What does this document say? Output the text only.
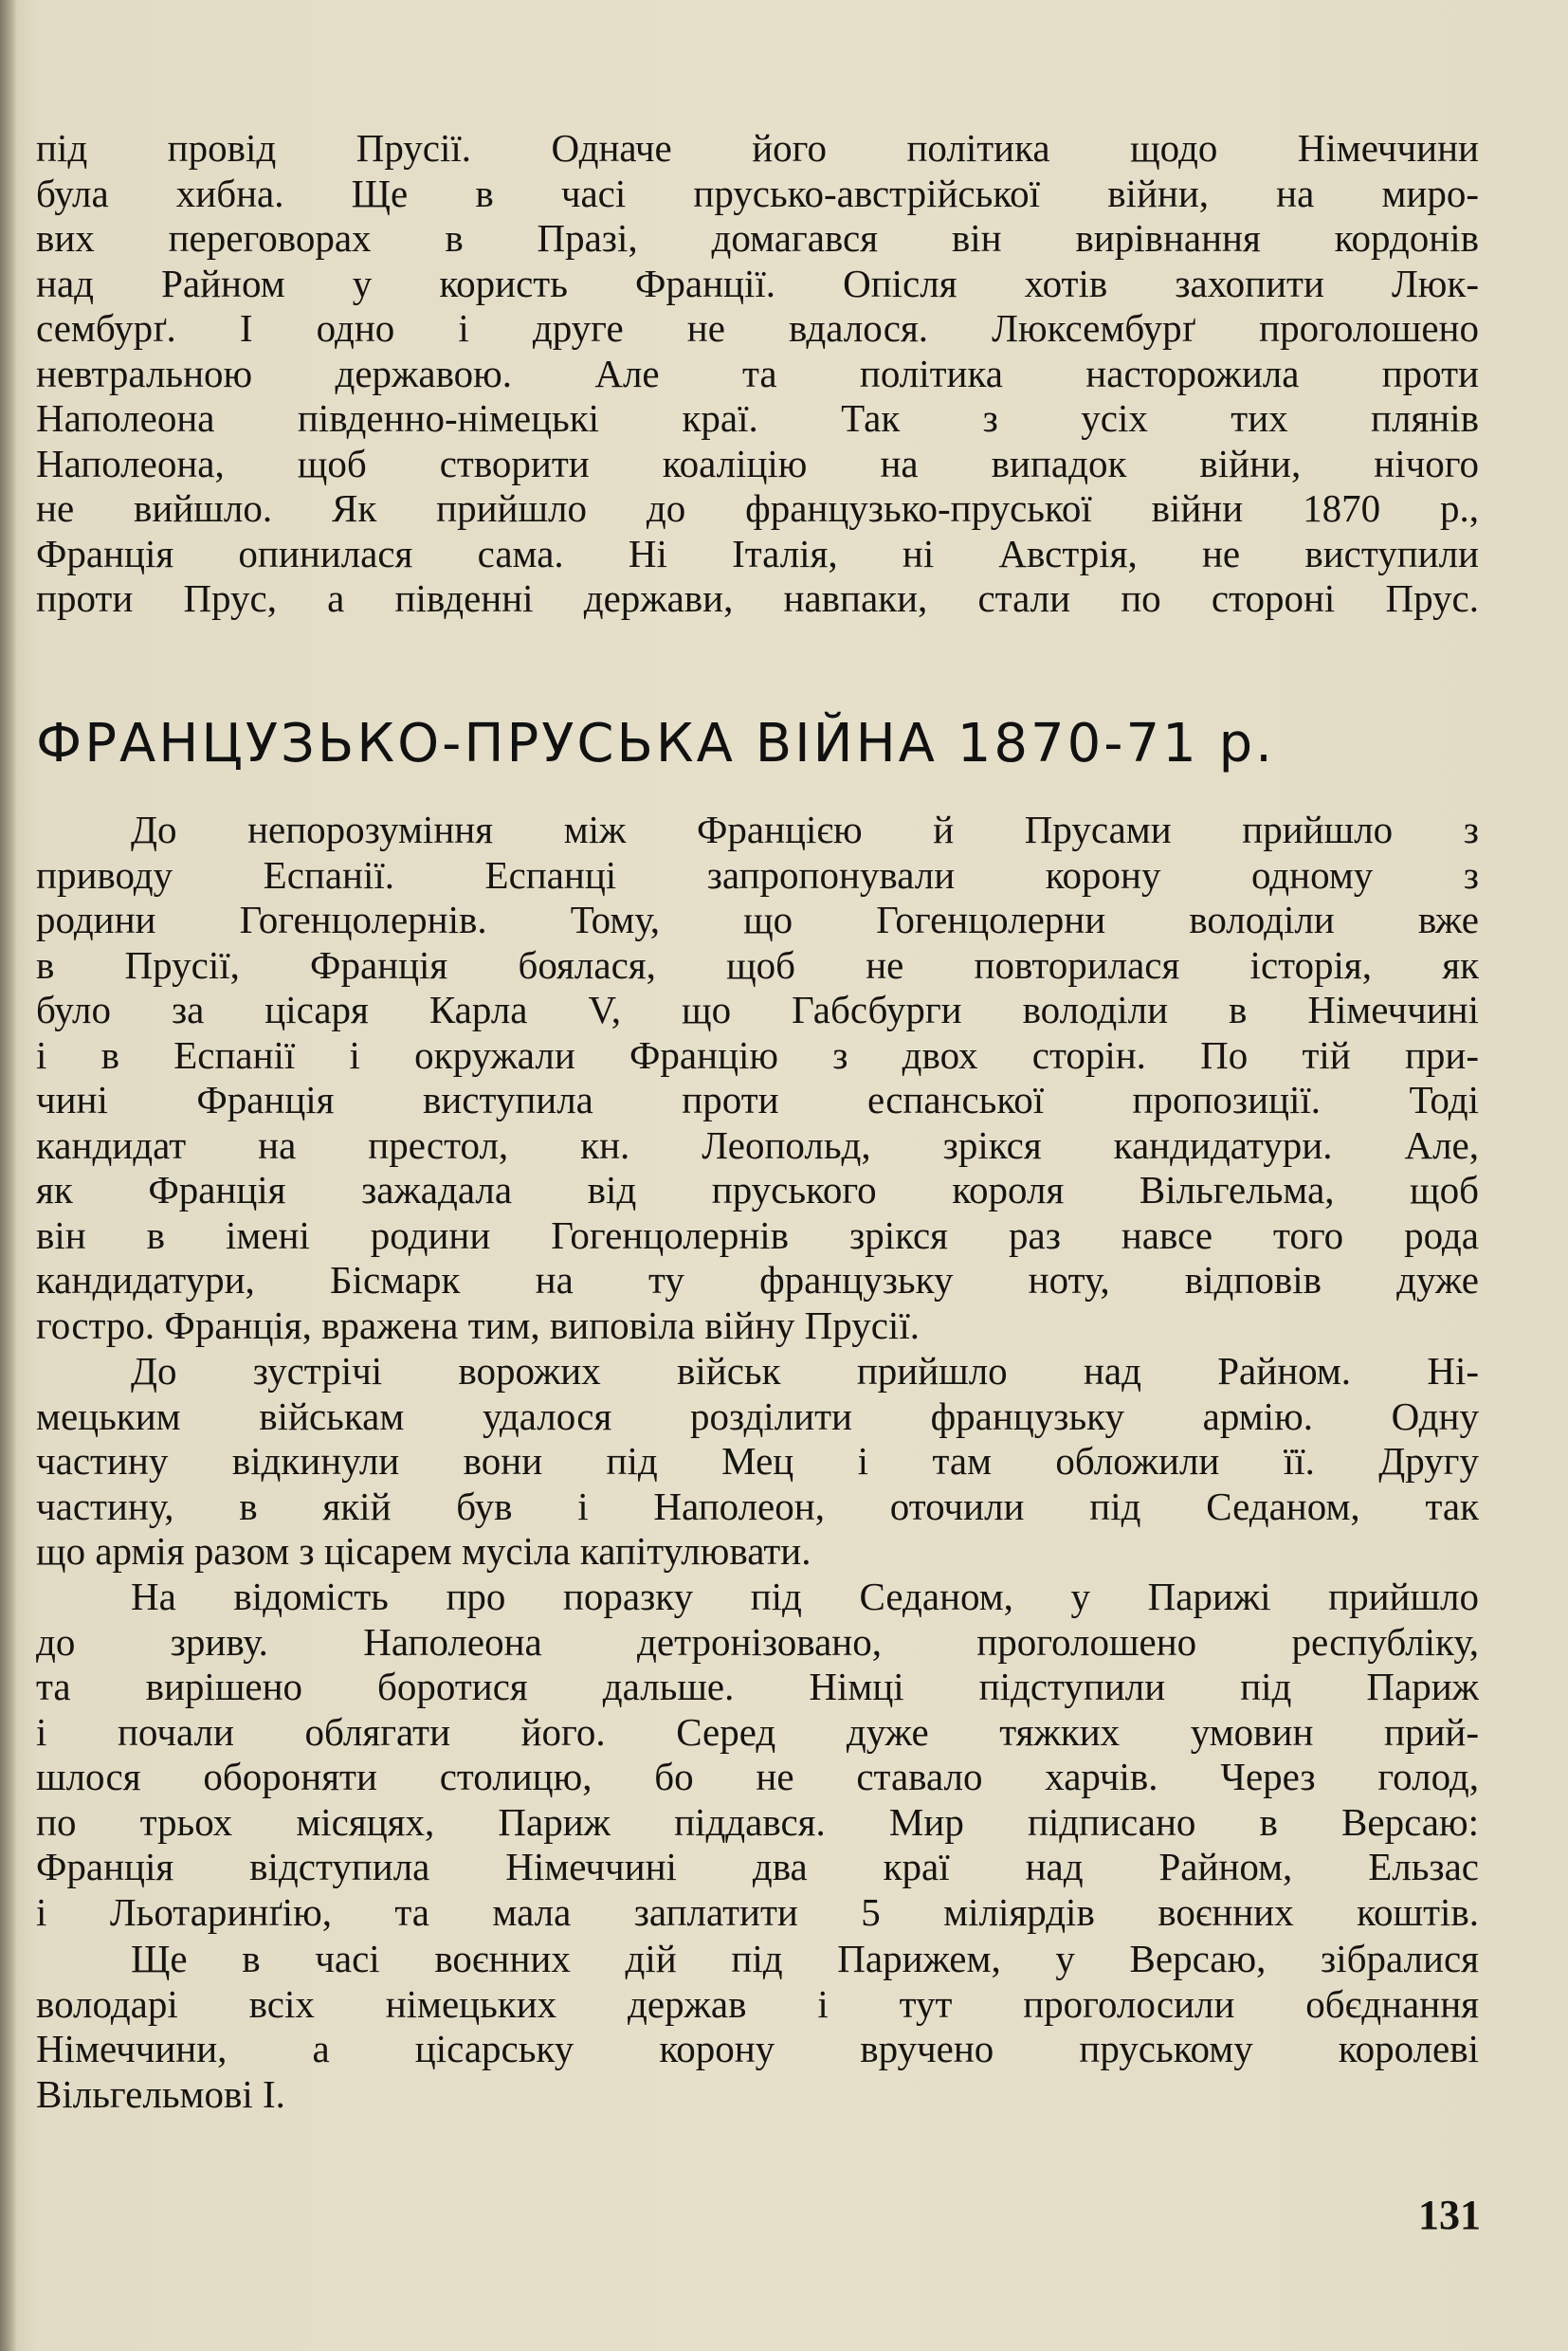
під провід Прусії. Одначе його політика щодо Німеччини
була хибна. Ще в часі прусько-австрійської війни, на миро-
вих переговорах в Празі, домагався він вирівнання кордонів
над Райном у користь Франції. Опісля хотів захопити Люк-
сембурґ. І одно і друге не вдалося. Люксембурґ проголошено
невтральною державою. Але та політика насторожила проти
Наполеона південно-німецькі краї. Так з усіх тих плянів
Наполеона, щоб створити коаліцію на випадок війни, нічого
не вийшло. Як прийшло до французько-пруської війни 1870 р.,
Франція опинилася сама. Ні Італія, ні Австрія, не виступили
проти Прус, а південні держави, навпаки, стали по стороні Прус.
ФРАНЦУЗЬКО-ПРУСЬКА ВІЙНА 1870-71 р.
До непорозуміння між Францією й Прусами прийшло з
приводу Еспанії. Еспанці запропонували корону одному з
родини Гогенцолернів. Тому, що Гогенцолерни володіли вже
в Прусії, Франція боялася, щоб не повторилася історія, як
було за цісаря Карла V, що Габсбурги володіли в Німеччині
і в Еспанії і окружали Францію з двох сторін. По тій при-
чині Франція виступила проти еспанської пропозиції. Тоді
кандидат на престол, кн. Леопольд, зрікся кандидатури. Але,
як Франція зажадала від пруського короля Вільгельма, щоб
він в імені родини Гогенцолернів зрікся раз навсе того рода
кандидатури, Бісмарк на ту французьку ноту, відповів дуже
гостро. Франція, вражена тим, виповіла війну Прусії.
До зустрічі ворожих військ прийшло над Райном. Ні-
мецьким військам удалося розділити французьку армію. Одну
частину відкинули вони під Мец і там обложили її. Другу
частину, в якій був і Наполеон, оточили під Седаном, так
що армія разом з цісарем мусіла капітулювати.
На відомість про поразку під Седаном, у Парижі прийшло
до зриву. Наполеона детронізовано, проголошено республіку,
та вирішено боротися дальше. Німці підступили під Париж
і почали облягати його. Серед дуже тяжких умовин прий-
шлося обороняти столицю, бо не ставало харчів. Через голод,
по трьох місяцях, Париж піддався. Мир підписано в Версаю:
Франція відступила Німеччині два краї над Райном, Ельзас
і Льотаринґію, та мала заплатити 5 міліярдів воєнних коштів.
Ще в часі воєнних дій під Парижем, у Версаю, зібралися
володарі всіх німецьких держав і тут проголосили обєднання
Німеччини, а цісарську корону вручено пруському королеві
Вільгельмові І.
131
